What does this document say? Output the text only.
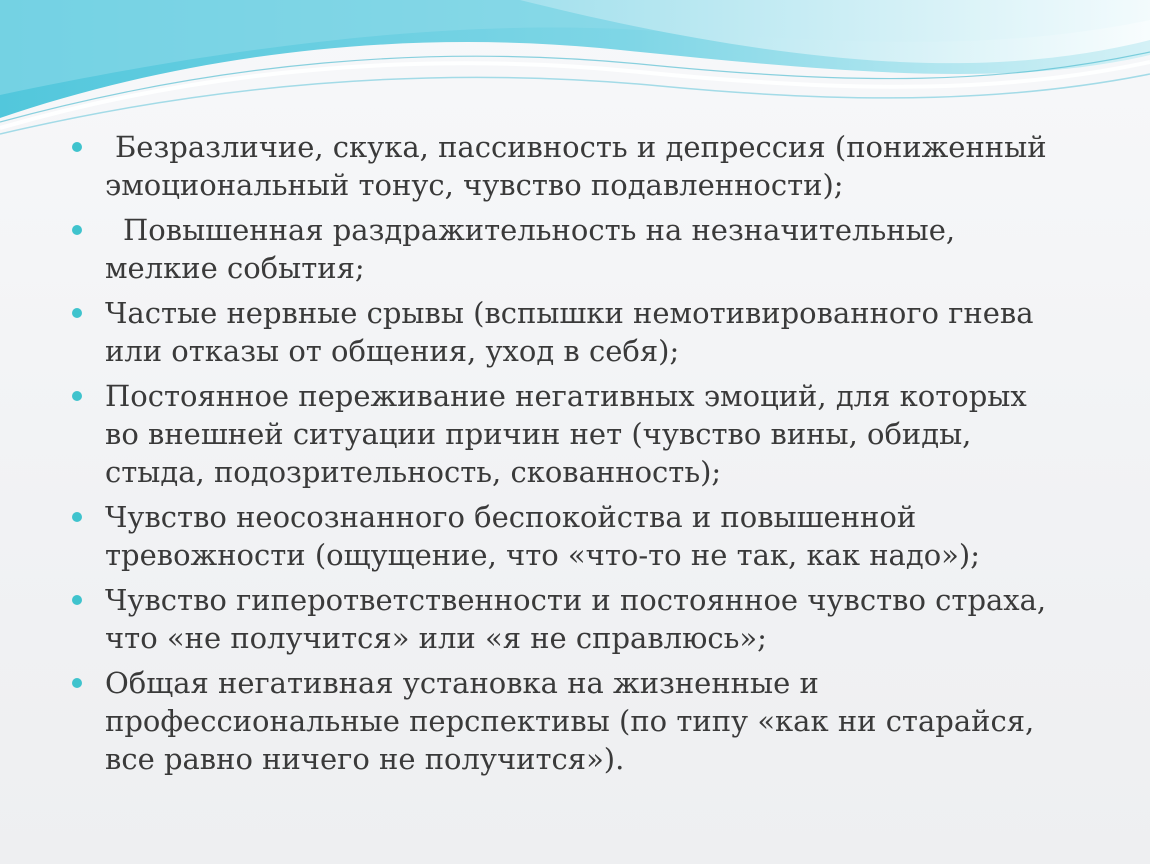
Безразличие, скука, пассивность и депрессия (пониженный
эмоциональный тонус, чувство подавленности);
Повышенная раздражительность на незначительные,
мелкие события;
Частые нервные срывы (вспышки немотивированного гнева
или отказы от общения, уход в себя);
Постоянное переживание негативных эмоций, для которых
во внешней ситуации причин нет (чувство вины, обиды,
стыда, подозрительность, скованность);
Чувство неосознанного беспокойства и повышенной
тревожности (ощущение, что «что-то не так, как надо»);
Чувство гиперответственности и постоянное чувство страха,
что «не получится» или «я не справлюсь»;
Общая негативная установка на жизненные и
профессиональные перспективы (по типу «как ни старайся,
все равно ничего не получится»).
